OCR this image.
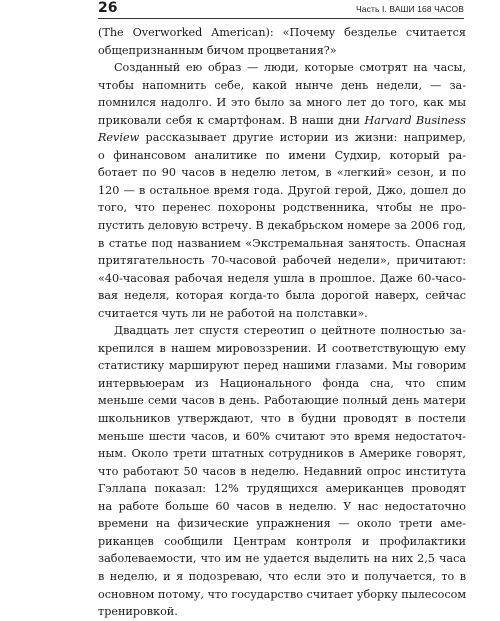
26	Часть I. ВАШИ 168 ЧАСОВ
(The Overworked American): «Почему безделье считается
общепризнанным бичом процветания?»
Созданный ею образ — люди, которые смотрят на часы,
чтобы напомнить себе, какой нынче день недели, — за-
помнился надолго. И это было за много лет до того, как мы
приковали себя к смартфонам. В наши дни Harvard Business
Review рассказывает другие истории из жизни: например,
о финансовом аналитике по имени Судхир, который ра-
ботает по 90 часов в неделю летом, в «легкий» сезон, и по
120 — в остальное время года. Другой герой, Джо, дошел до
того, что перенес похороны родственника, чтобы не про-
пустить деловую встречу. В декабрьском номере за 2006 год,
в статье под названием «Экстремальная занятость. Опасная
притягательность 70-часовой рабочей недели», причитают:
«40-часовая рабочая неделя ушла в прошлое. Даже 60-часо-
вая неделя, которая когда-то была дорогой наверх, сейчас
считается чуть ли не работой на полставки».
Двадцать лет спустя стереотип о цейтноте полностью за-
крепился в нашем мировоззрении. И соответствующую ему
статистику маршируют перед нашими глазами. Мы говорим
интервьюерам из Национального фонда сна, что спим
меньше семи часов в день. Работающие полный день матери
школьников утверждают, что в будни проводят в постели
меньше шести часов, и 60% считают это время недостаточ-
ным. Около трети штатных сотрудников в Америке говорят,
что работают 50 часов в неделю. Недавний опрос института
Гэллапа показал: 12% трудящихся американцев проводят
на работе больше 60 часов в неделю. У нас недостаточно
времени на физические упражнения — около трети аме-
риканцев сообщили Центрам контроля и профилактики
заболеваемости, что им не удается выделить на них 2,5 часа
в неделю, и я подозреваю, что если это и получается, то в
основном потому, что государство считает уборку пылесосом
тренировкой.
